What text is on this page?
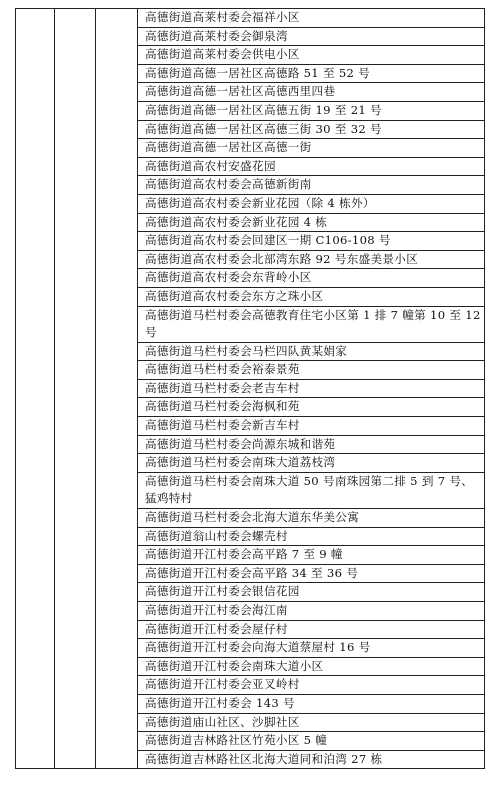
			高德街道高莱村委会福祥小区	

			高德街道高莱村委会御泉湾	

			高德街道高莱村委会供电小区	

			高德街道高德一居社区高德路 51 至 52 号	

			高德街道高德一居社区高德西里四巷	

			高德街道高德一居社区高德五街 19 至 21 号	

			高德街道高德一居社区高德三街 30 至 32 号	

			高德街道高德一居社区高德一街	

			高德街道高农村安盛花园	

			高德街道高农村委会高德新街南	

			高德街道高农村委会新业花园（除 4 栋外）	

			高德街道高农村委会新业花园 4 栋	

			高德街道高农村委会回建区一期 C106-108 号	

			高德街道高农村委会北部湾东路 92 号东盛美景小区	

			高德街道高农村委会东背岭小区	

			高德街道高农村委会东方之珠小区	

			高德街道马栏村委会高德教育住宅小区第 1 排 7 幢第 10 至 12 号	

			高德街道马栏村委会马栏四队黄某娟家	

			高德街道马栏村委会裕泰景苑	

			高德街道马栏村委会老吉车村	

			高德街道马栏村委会海枫和苑	

			高德街道马栏村委会新吉车村	

			高德街道马栏村委会尚源东城和谐苑	

			高德街道马栏村委会南珠大道荔枝湾	

			高德街道马栏村委会南珠大道 50 号南珠园第二排 5 到 7 号、猛鸡特村	

			高德街道马栏村委会北海大道东华美公寓	

			高德街道翁山村委会螺壳村	

			高德街道开江村委会高平路 7 至 9 幢	

			高德街道开江村委会高平路 34 至 36 号	

			高德街道开江村委会银信花园	

			高德街道开江村委会海江南	

			高德街道开江村委会屋仔村	

			高德街道开江村委会向海大道蔡屋村 16 号	

			高德街道开江村委会南珠大道小区	

			高德街道开江村委会亚叉岭村	

			高德街道开江村委会 143 号	

			高德街道庙山社区、沙脚社区	

			高德街道吉林路社区竹苑小区 5 幢	

			高德街道吉林路社区北海大道同和泊湾 27 栋	
